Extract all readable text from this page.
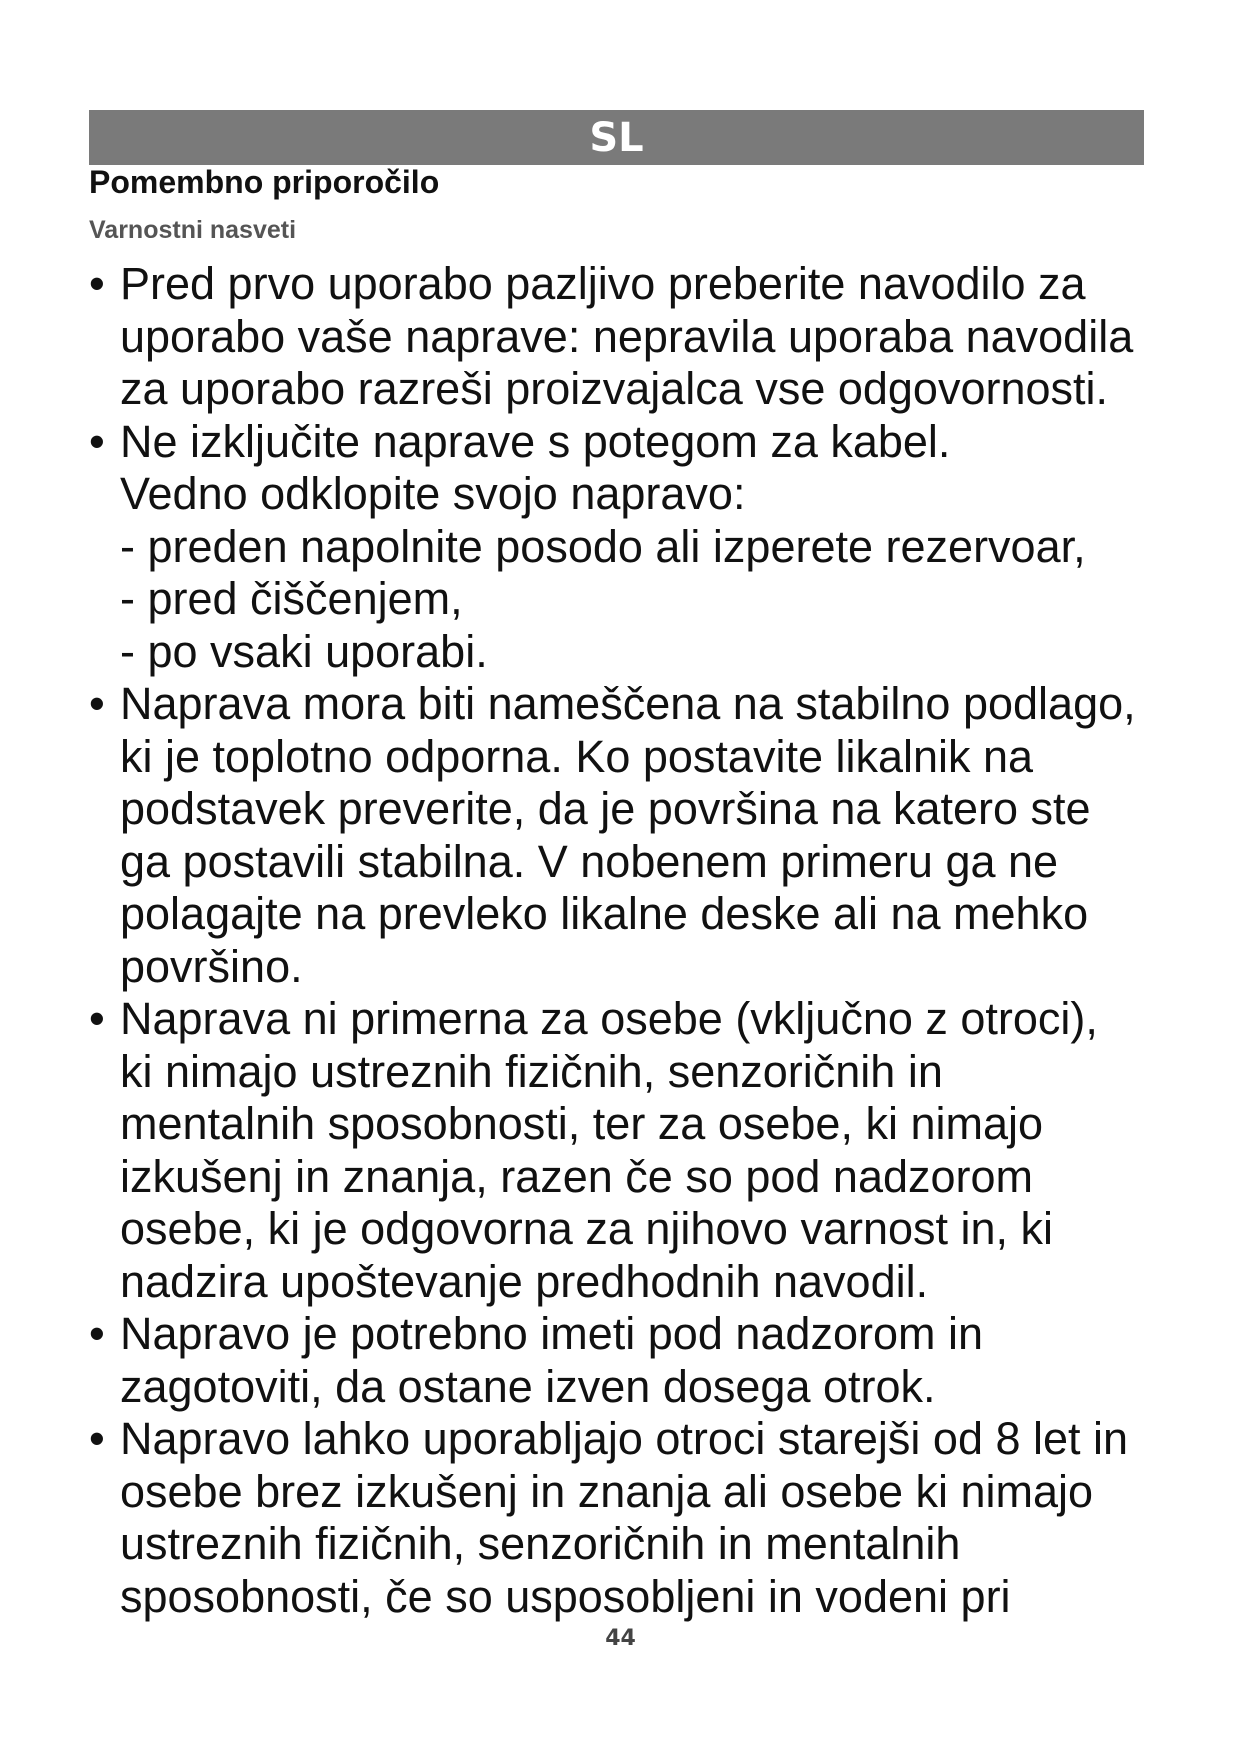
SL
Pomembno priporočilo
Varnostni nasveti
• Pred prvo uporabo pazljivo preberite navodilo za
uporabo vaše naprave: nepravila uporaba navodila
za uporabo razreši proizvajalca vse odgovornosti.
• Ne izključite naprave s potegom za kabel.
Vedno odklopite svojo napravo:
- preden napolnite posodo ali izperete rezervoar,
- pred čiščenjem,
- po vsaki uporabi.
• Naprava mora biti nameščena na stabilno podlago,
ki je toplotno odporna. Ko postavite likalnik na
podstavek preverite, da je površina na katero ste
ga postavili stabilna. V nobenem primeru ga ne
polagajte na prevleko likalne deske ali na mehko
površino.
• Naprava ni primerna za osebe (vključno z otroci),
ki nimajo ustreznih fizičnih, senzoričnih in
mentalnih sposobnosti, ter za osebe, ki nimajo
izkušenj in znanja, razen če so pod nadzorom
osebe, ki je odgovorna za njihovo varnost in, ki
nadzira upoštevanje predhodnih navodil.
• Napravo je potrebno imeti pod nadzorom in
zagotoviti, da ostane izven dosega otrok.
• Napravo lahko uporabljajo otroci starejši od 8 let in
osebe brez izkušenj in znanja ali osebe ki nimajo
ustreznih fizičnih, senzoričnih in mentalnih
sposobnosti, če so usposobljeni in vodeni pri
44
